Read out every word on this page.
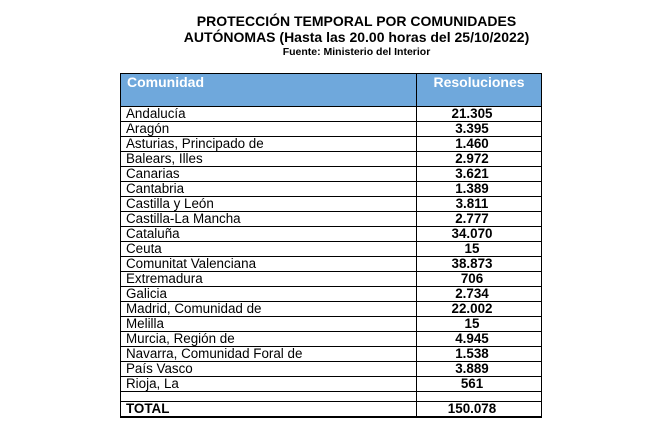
PROTECCIÓN TEMPORAL POR COMUNIDADES
AUTÓNOMAS (Hasta las 20.00 horas del 25/10/2022)
Fuente: Ministerio del Interior
Comunidad	Resoluciones
Andalucía	21.305
Aragón	3.395
Asturias, Principado de	1.460
Balears, Illes	2.972
Canarias	3.621
Cantabria	1.389
Castilla y León	3.811
Castilla-La Mancha	2.777
Cataluña	34.070
Ceuta	15
Comunitat Valenciana	38.873
Extremadura	706
Galicia	2.734
Madrid, Comunidad de	22.002
Melilla	15
Murcia, Región de	4.945
Navarra, Comunidad Foral de	1.538
País Vasco	3.889
Rioja, La	561

TOTAL	150.078
